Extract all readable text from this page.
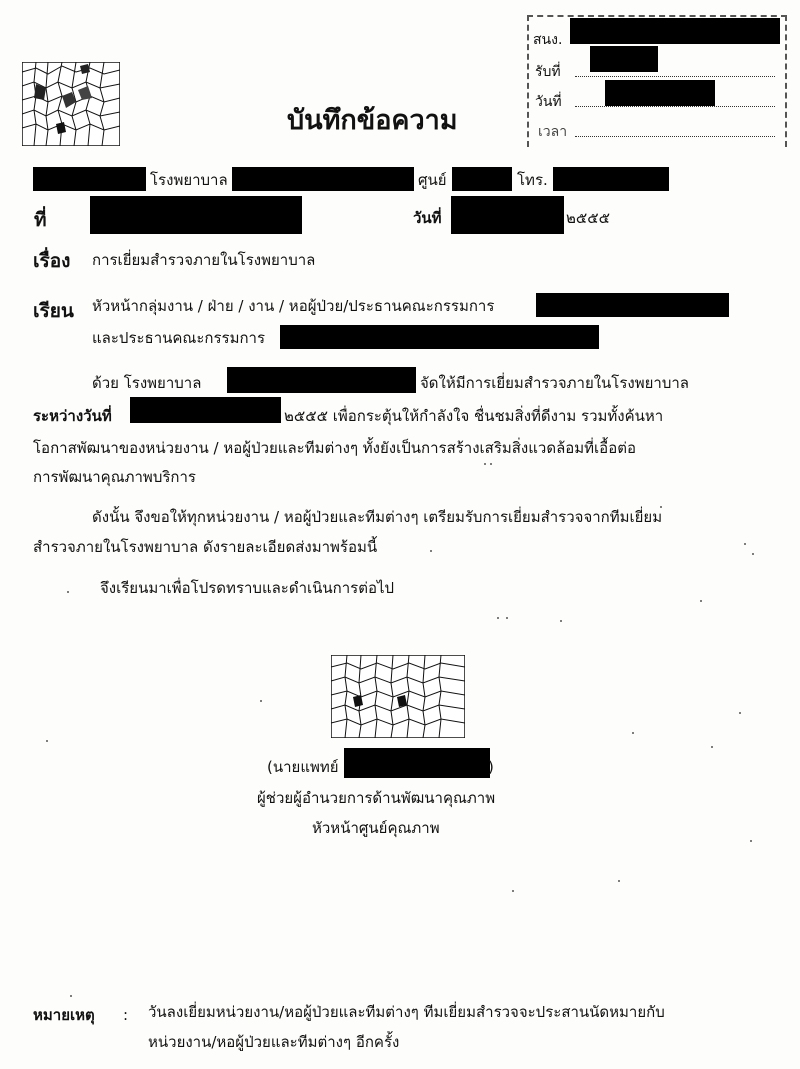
สนง.
รับที่
วันที่
เวลา
บันทึกข้อความ
โรงพยาบาล	ศูนย์	โทร.
ที่	วันที่	๒๕๕๕
เรื่อง การเยี่ยมสำรวจภายในโรงพยาบาล
เรียน หัวหน้ากลุ่มงาน / ฝ่าย / งาน / หอผู้ป่วย/ประธานคณะกรรมการ
และประธานคณะกรรมการ
ด้วย โรงพยาบาล	จัดให้มีการเยี่ยมสำรวจภายในโรงพยาบาล
ระหว่างวันที่	๒๕๕๕ เพื่อกระตุ้นให้กำลังใจ ชื่นชมสิ่งที่ดีงาม รวมทั้งค้นหา
โอกาสพัฒนาของหน่วยงาน / หอผู้ป่วยและทีมต่างๆ ทั้งยังเป็นการสร้างเสริมสิ่งแวดล้อมที่เอื้อต่อ
การพัฒนาคุณภาพบริการ
ดังนั้น จึงขอให้ทุกหน่วยงาน / หอผู้ป่วยและทีมต่างๆ เตรียมรับการเยี่ยมสำรวจจากทีมเยี่ยม
สำรวจภายในโรงพยาบาล ดังรายละเอียดส่งมาพร้อมนี้
จึงเรียนมาเพื่อโปรดทราบและดำเนินการต่อไป
(นายแพทย์	)
ผู้ช่วยผู้อำนวยการด้านพัฒนาคุณภาพ
หัวหน้าศูนย์คุณภาพ
หมายเหตุ : วันลงเยี่ยมหน่วยงาน/หอผู้ป่วยและทีมต่างๆ ทีมเยี่ยมสำรวจจะประสานนัดหมายกับ
หน่วยงาน/หอผู้ป่วยและทีมต่างๆ อีกครั้ง
